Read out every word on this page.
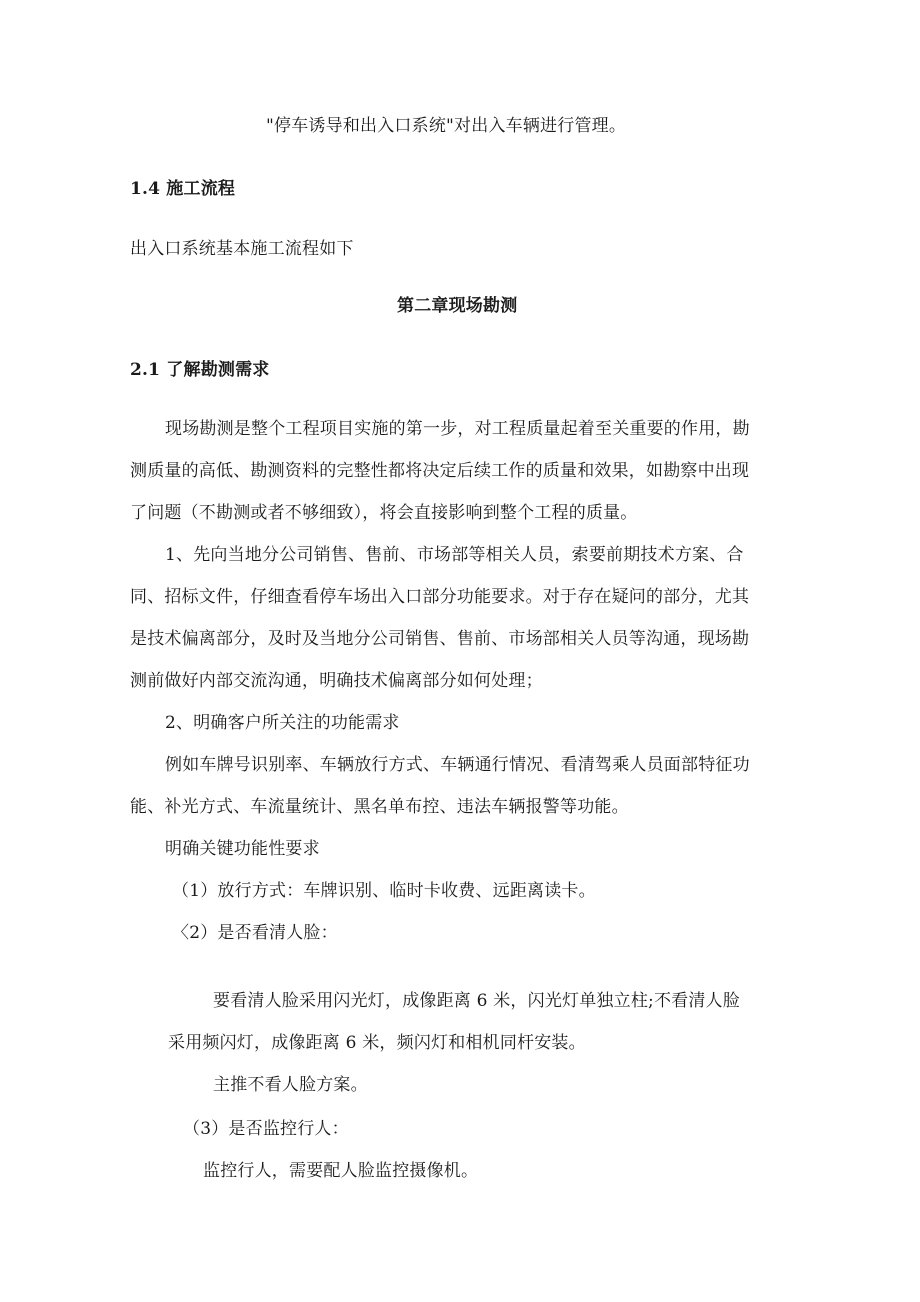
"停车诱导和出入口系统"对出入车辆进行管理。
1.4 施工流程
出入口系统基本施工流程如下
第二章现场勘测
2.1 了解勘测需求
现场勘测是整个工程项目实施的第一步，对工程质量起着至关重要的作用，勘
测质量的高低、勘测资料的完整性都将决定后续工作的质量和效果，如勘察中出现
了问题（不勘测或者不够细致），将会直接影响到整个工程的质量。
1、先向当地分公司销售、售前、市场部等相关人员，索要前期技术方案、合
同、招标文件，仔细查看停车场出入口部分功能要求。对于存在疑问的部分，尤其
是技术偏离部分，及时及当地分公司销售、售前、市场部相关人员等沟通，现场勘
测前做好内部交流沟通，明确技术偏离部分如何处理；
2、明确客户所关注的功能需求
例如车牌号识别率、车辆放行方式、车辆通行情况、看清驾乘人员面部特征功
能、补光方式、车流量统计、黑名单布控、违法车辆报警等功能。
明确关键功能性要求
（1）放行方式：车牌识别、临时卡收费、远距离读卡。
〈2）是否看清人脸：
要看清人脸采用闪光灯，成像距离 6 米，闪光灯单独立柱;不看清人脸
采用频闪灯，成像距离 6 米，频闪灯和相机同杆安装。
主推不看人脸方案。
（3）是否监控行人：
监控行人，需要配人脸监控摄像机。
